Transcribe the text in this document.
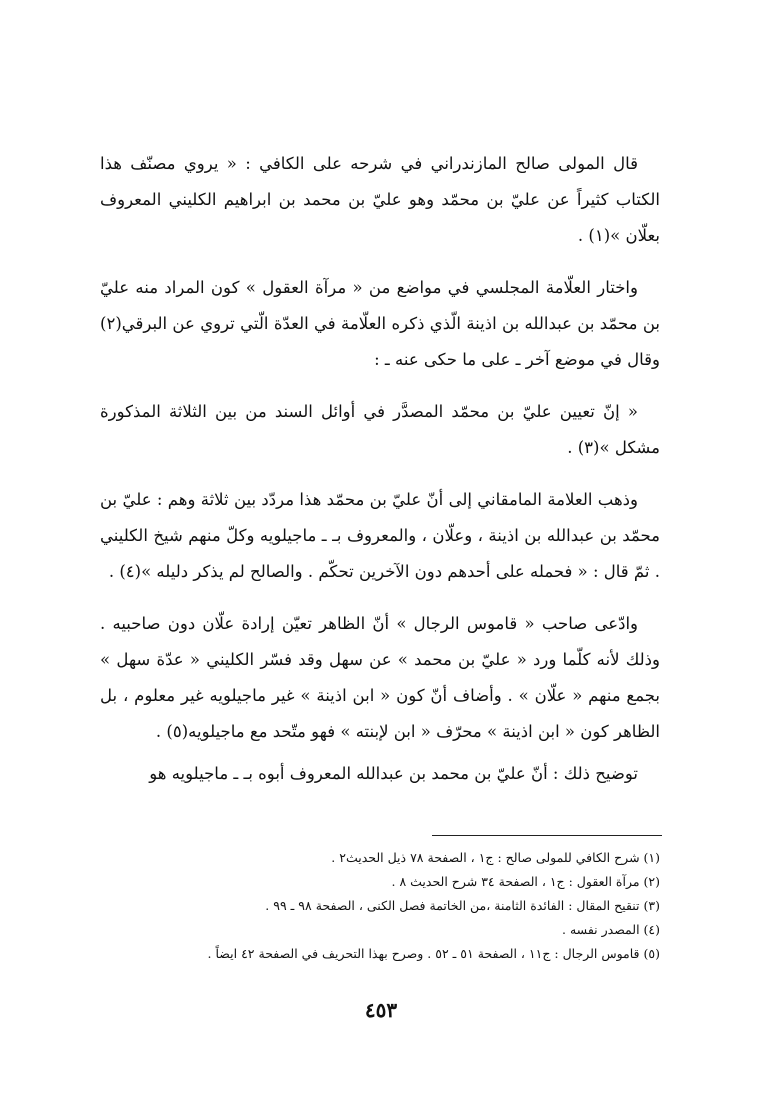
قال المولى صالح المازندراني في شرحه على الكافي : « يروي مصنّف هذا الكتاب كثيراً عن عليّ بن محمّد وهو عليّ بن محمد بن ابراهيم الكليني المعروف بعلّان »(١) .

واختار العلّامة المجلسي في مواضع من « مرآة العقول » كون المراد منه عليّ بن محمّد بن عبدالله بن اذينة الّذي ذكره العلّامة في العدّة الّتي تروي عن البرقي(٢) وقال في موضع آخر ـ على ما حكى عنه ـ :

« إنّ تعيين عليّ بن محمّد المصدَّر في أوائل السند من بين الثلاثة المذكورة مشكل »(٣) .

وذهب العلامة المامقاني إلى أنّ عليّ بن محمّد هذا مردّد بين ثلاثة وهم : عليّ بن محمّد بن عبدالله بن اذينة ، وعلّان ، والمعروف بـ ـ ماجيلويه وكلّ منهم شيخ الكليني . ثمّ قال : « فحمله على أحدهم دون الآخرين تحكّم . والصالح لم يذكر دليله »(٤) .

وادّعى صاحب « قاموس الرجال » أنّ الظاهر تعيّن إرادة علّان دون صاحبيه . وذلك لأنه كلّما ورد « عليّ بن محمد » عن سهل وقد فسّر الكليني « عدّة سهل » بجمع منهم « علّان » . وأضاف أنّ كون « ابن اذينة » غير ماجيلويه غير معلوم ، بل الظاهر كون « ابن اذينة » محرّف « ابن لإبنته » فهو متّحد مع ماجيلويه(٥) .

توضيح ذلك : أنّ عليّ بن محمد بن عبدالله المعروف أبوه بـ ـ ماجيلويه هو

(١) شرح الكافي للمولى صالح : ج١ ، الصفحة ٧٨ ذيل الحديث٢ .
(٢) مرآة العقول : ج١ ، الصفحة ٣٤ شرح الحديث ٨ .
(٣) تنقيح المقال : الفائدة الثامنة ،من الخاتمة فصل الكنى ، الصفحة ٩٨ ـ ٩٩ .
(٤) المصدر نفسه .
(٥) قاموس الرجال : ج١١ ، الصفحة ٥١ ـ ٥٢ . وصرح بهذا التحريف في الصفحة ٤٢ ايضاً .
٤٥٣
